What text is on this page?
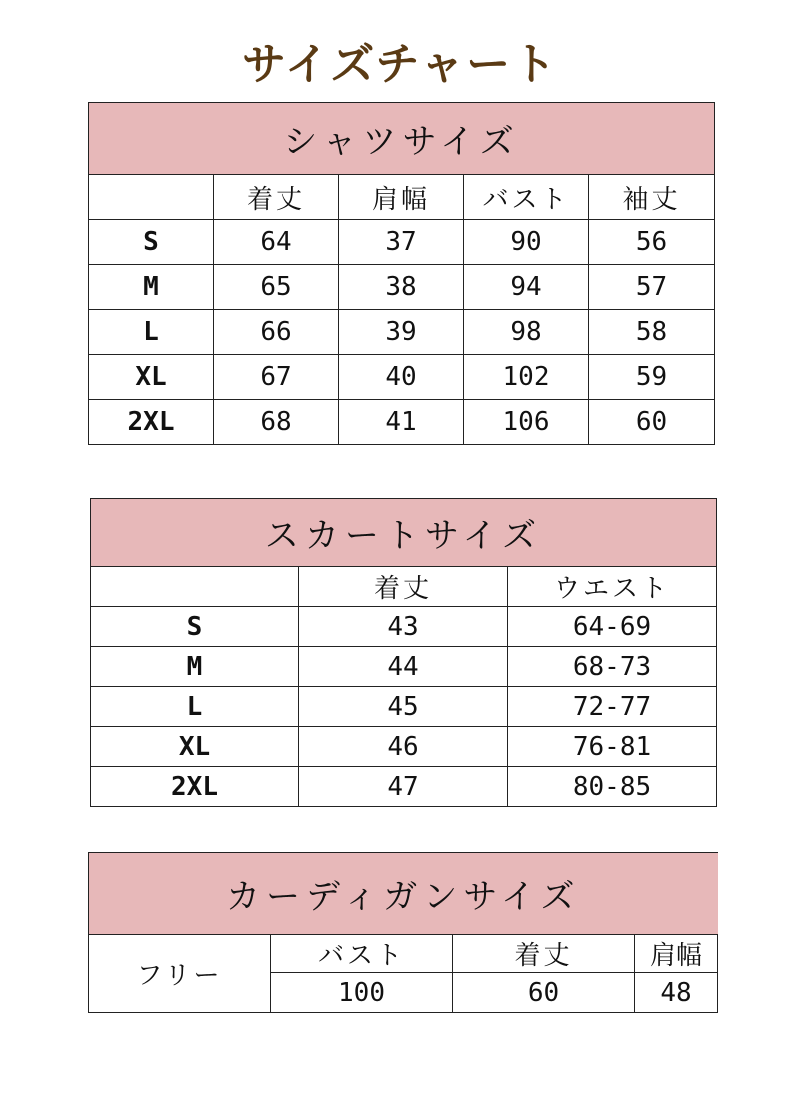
サイズチャート
シャツサイズ				
	着丈	肩幅	バスト	袖丈
S	64	37	90	56
M	65	38	94	57
L	66	39	98	58
XL	67	40	102	59
2XL	68	41	106	60
スカートサイズ		
	着丈	ウエスト
S	43	64-69
M	44	68-73
L	45	72-77
XL	46	76-81
2XL	47	80-85
カーディガンサイズ			
フリー	バスト	着丈	肩幅
	100	60	48
